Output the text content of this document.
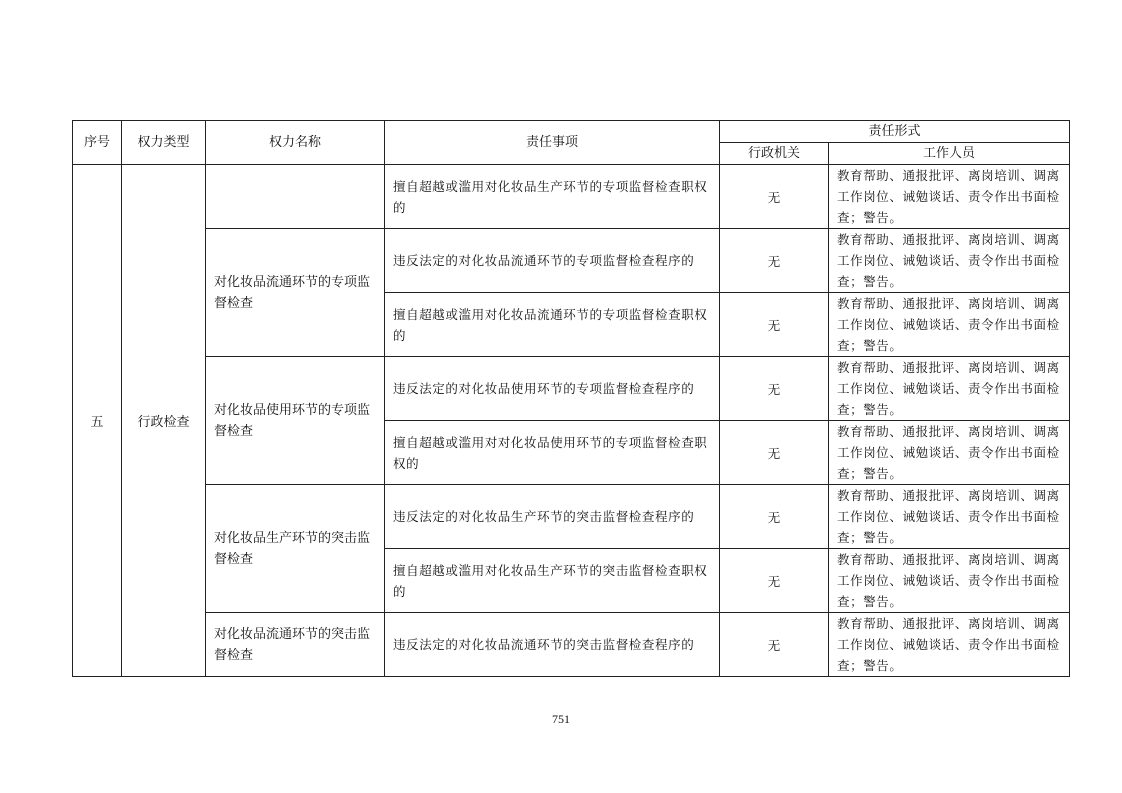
序号	权力类型	权力名称	责任事项	责任形式	
				行政机关	工作人员
五	行政检查		擅自超越或滥用对化妆品生产环节的专项监督检查职权的	无	教育帮助、通报批评、离岗培训、调离工作岗位、诫勉谈话、责令作出书面检查；警告。
		对化妆品流通环节的专项监督检查	违反法定的对化妆品流通环节的专项监督检查程序的	无	教育帮助、通报批评、离岗培训、调离工作岗位、诫勉谈话、责令作出书面检查；警告。
			擅自超越或滥用对化妆品流通环节的专项监督检查职权的	无	教育帮助、通报批评、离岗培训、调离工作岗位、诫勉谈话、责令作出书面检查；警告。
		对化妆品使用环节的专项监督检查	违反法定的对化妆品使用环节的专项监督检查程序的	无	教育帮助、通报批评、离岗培训、调离工作岗位、诫勉谈话、责令作出书面检查；警告。
			擅自超越或滥用对对化妆品使用环节的专项监督检查职权的	无	教育帮助、通报批评、离岗培训、调离工作岗位、诫勉谈话、责令作出书面检查；警告。
		对化妆品生产环节的突击监督检查	违反法定的对化妆品生产环节的突击监督检查程序的	无	教育帮助、通报批评、离岗培训、调离工作岗位、诫勉谈话、责令作出书面检查；警告。
			擅自超越或滥用对化妆品生产环节的突击监督检查职权的	无	教育帮助、通报批评、离岗培训、调离工作岗位、诫勉谈话、责令作出书面检查；警告。
		对化妆品流通环节的突击监督检查	违反法定的对化妆品流通环节的突击监督检查程序的	无	教育帮助、通报批评、离岗培训、调离工作岗位、诫勉谈话、责令作出书面检查；警告。
751
